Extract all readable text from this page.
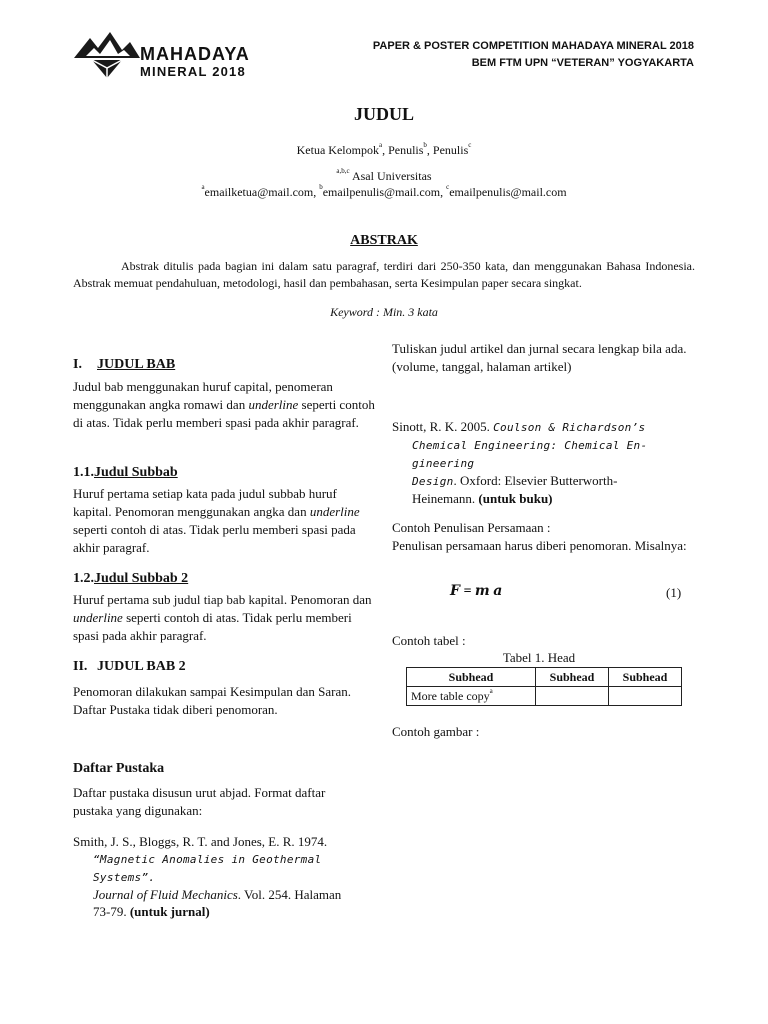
MAHADAYA
MINERAL 2018
PAPER & POSTER COMPETITION MAHADAYA MINERAL 2018
BEM FTM UPN “VETERAN” YOGYAKARTA
JUDUL
Ketua Kelompok$^a$, Penulis$^b$, Penulis$^c$
$^{a,b,c}$ Asal Universitas
$^a$emailketua@mail.com, $^b$emailpenulis@mail.com, $^c$emailpenulis@mail.com
ABSTRAK
Abstrak ditulis pada bagian ini dalam satu paragraf, terdiri dari 250-350 kata, dan menggunakan Bahasa Indonesia. Abstrak memuat pendahuluan, metodologi, hasil dan pembahasan, serta Kesimpulan paper secara singkat.
Keyword : Min. 3 kata
I. JUDUL BAB
Judul bab menggunakan huruf capital, penomeran menggunakan angka romawi dan underline seperti contoh di atas. Tidak perlu memberi spasi pada akhir paragraf.
1.1.Judul Subbab
Huruf pertama setiap kata pada judul subbab huruf kapital. Penomoran menggunakan angka dan underline seperti contoh di atas. Tidak perlu memberi spasi pada akhir paragraf.
1.2.Judul Subbab 2
Huruf pertama sub judul tiap bab kapital. Penomoran dan underline seperti contoh di atas. Tidak perlu memberi spasi pada akhir paragraf.
II. JUDUL BAB 2
Penomoran dilakukan sampai Kesimpulan dan Saran. Daftar Pustaka tidak diberi penomoran.
Daftar Pustaka
Daftar pustaka disusun urut abjad. Format daftar pustaka yang digunakan:
Smith, J. S., Bloggs, R. T. and Jones, E. R. 1974.
“Magnetic Anomalies in Geothermal Systems”.
Journal of Fluid Mechanics. Vol. 254. Halaman
73-79. (untuk jurnal)
Tuliskan judul artikel dan jurnal secara lengkap bila ada. (volume, tanggal, halaman artikel)
Sinott, R. K. 2005. Coulson & Richardson’s
Chemical Engineering: Chemical En-gineering
Design. Oxford: Elsevier Butterworth-
Heinemann. (untuk buku)
Contoh Penulisan Persamaan :
Penulisan persamaan harus diberi penomoran. Misalnya:
𝑭 = 𝒎 𝒂	(1)
Contoh tabel :
Tabel 1. Head
Subhead	Subhead	Subhead
More table copy$^a$		
Contoh gambar :
